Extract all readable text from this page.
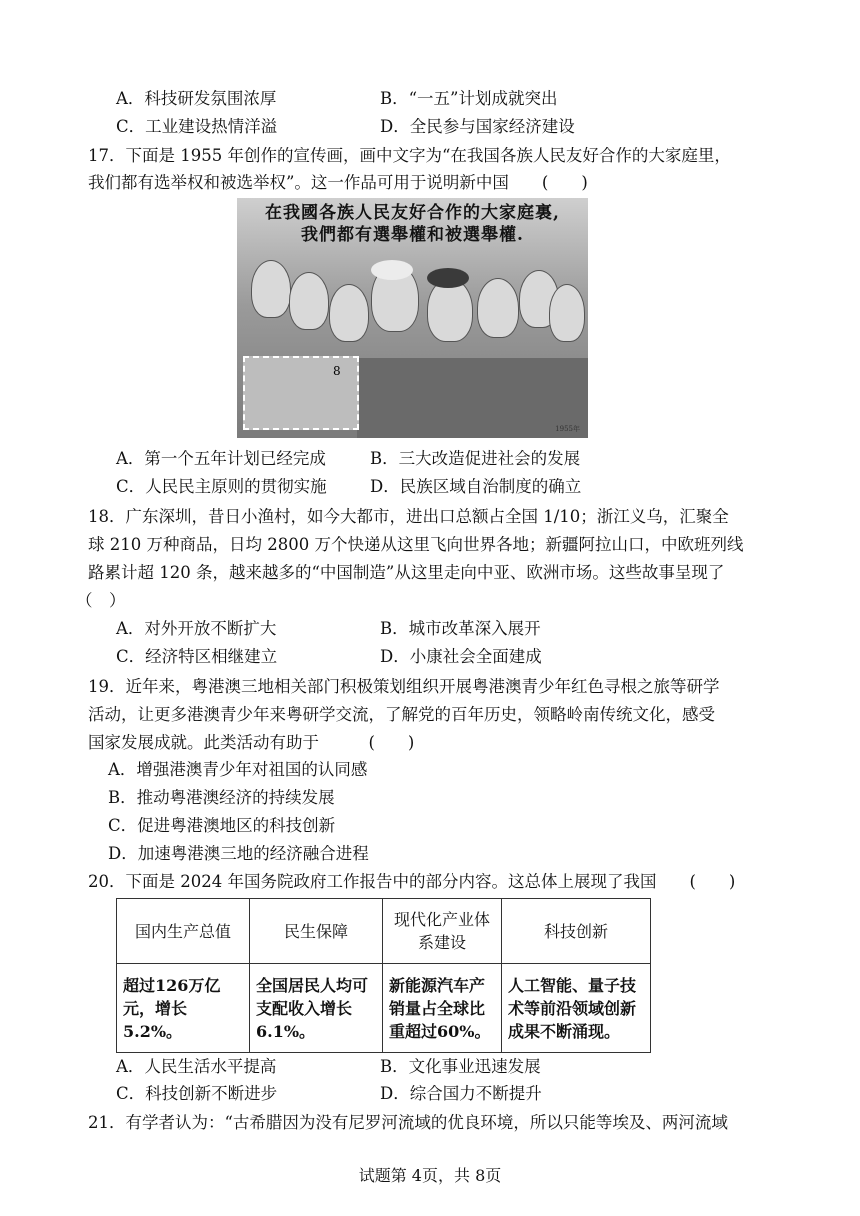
A．科技研发氛围浓厚	B．“一五”计划成就突出
C．工业建设热情洋溢	D．全民参与国家经济建设
17．下面是 1955 年创作的宣传画，画中文字为“在我国各族人民友好合作的大家庭里，
我们都有选举权和被选举权”。这一作品可用于说明新中国　　(　　)
在我國各族人民友好合作的大家庭裏,
我們都有選舉權和被選舉權.
8
1955年
A．第一个五年计划已经完成	B．三大改造促进社会的发展
C．人民民主原则的贯彻实施	D．民族区域自治制度的确立
18．广东深圳，昔日小渔村，如今大都市，进出口总额占全国 1/10；浙江义乌，汇聚全
球 210 万种商品，日均 2800 万个快递从这里飞向世界各地；新疆阿拉山口，中欧班列线
路累计超 120 条，越来越多的“中国制造”从这里走向中亚、欧洲市场。这些故事呈现了
（　）
A．对外开放不断扩大	B．城市改革深入展开
C．经济特区相继建立	D．小康社会全面建成
19．近年来，粤港澳三地相关部门积极策划组织开展粤港澳青少年红色寻根之旅等研学
活动，让更多港澳青少年来粤研学交流，了解党的百年历史，领略岭南传统文化，感受
国家发展成就。此类活动有助于　　　(　　)
A．增强港澳青少年对祖国的认同感
B．推动粤港澳经济的持续发展
C．促进粤港澳地区的科技创新
D．加速粤港澳三地的经济融合进程
20．下面是 2024 年国务院政府工作报告中的部分内容。这总体上展现了我国　　(　　)
国内生产总值	民生保障	现代化产业体系建设	科技创新
超过126万亿元，增长5.2%。	全国居民人均可支配收入增长6.1%。	新能源汽车产销量占全球比重超过60%。	人工智能、量子技术等前沿领域创新成果不断涌现。
A．人民生活水平提高	B．文化事业迅速发展
C．科技创新不断进步	D．综合国力不断提升
21．有学者认为：“古希腊因为没有尼罗河流域的优良环境，所以只能等埃及、两河流域
试题第 4页，共 8页
